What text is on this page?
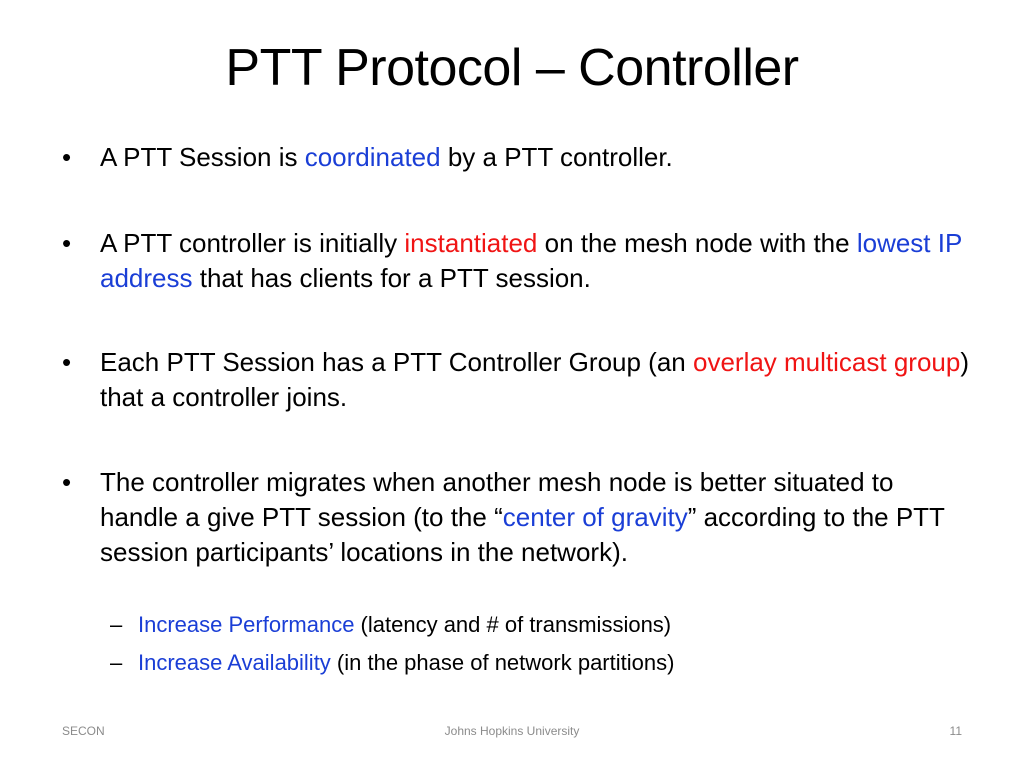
PTT Protocol – Controller
• A PTT Session is coordinated by a PTT controller.
• A PTT controller is initially instantiated on the mesh node with the lowest IP address that has clients for a PTT session.
• Each PTT Session has a PTT Controller Group (an overlay multicast group) that a controller joins.
• The controller migrates when another mesh node is better situated to handle a give PTT session (to the “center of gravity” according to the PTT session participants’ locations in the network).
– Increase Performance (latency and # of transmissions)
– Increase Availability (in the phase of network partitions)
SECON	Johns Hopkins University	11
